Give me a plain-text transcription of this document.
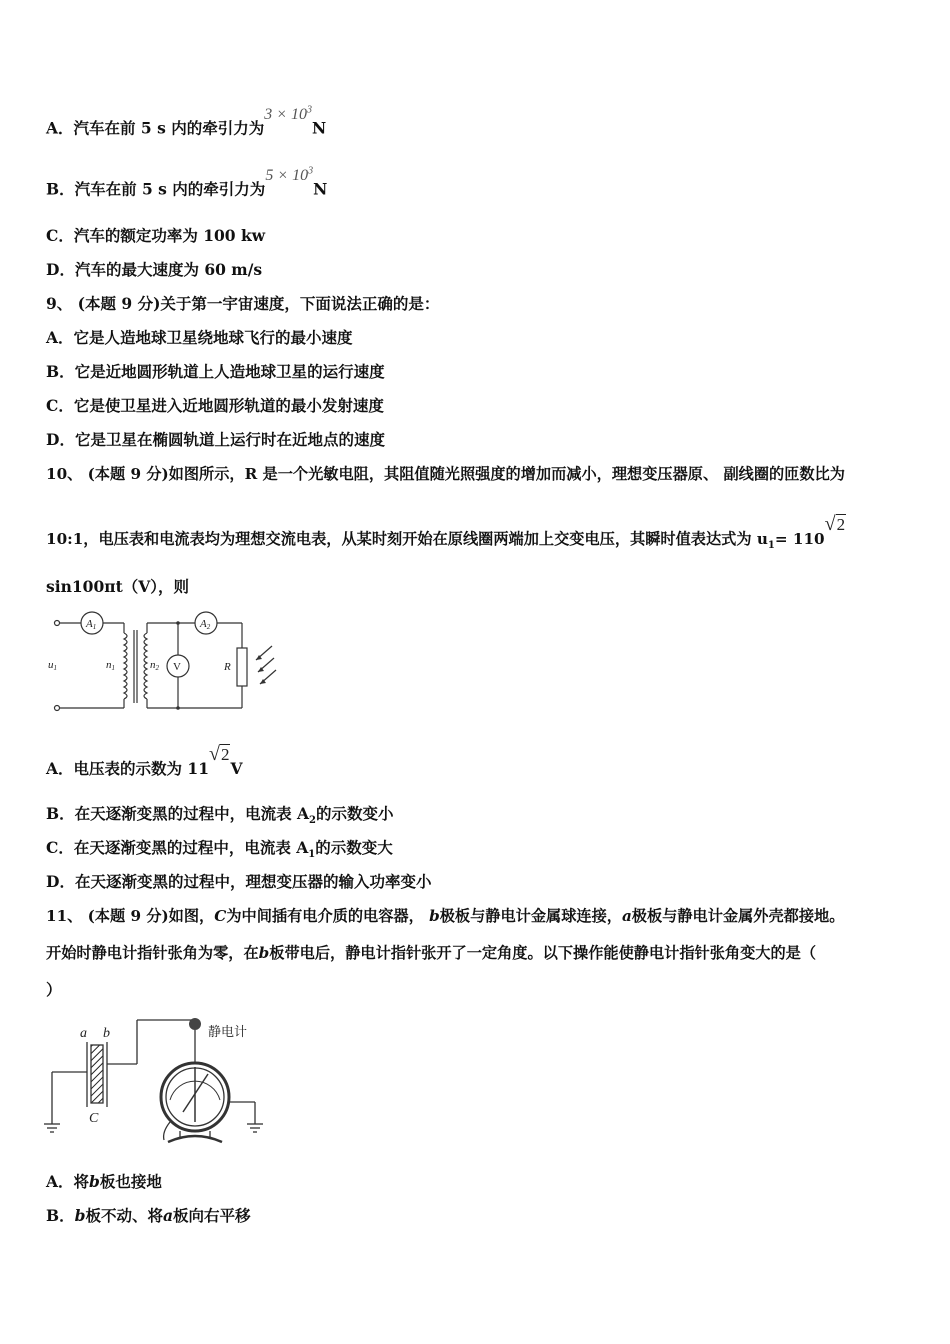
A．汽车在前 5 s 内的牵引力为$3 \times 10^3N$
B．汽车在前 5 s 内的牵引力为$5 \times 10^3N$
C．汽车的额定功率为 100 kw
D．汽车的最大速度为 60 m/s
9、 (本题 9 分)关于第一宇宙速度，下面说法正确的是：
A．它是人造地球卫星绕地球飞行的最小速度
B．它是近地圆形轨道上人造地球卫星的运行速度
C．它是使卫星进入近地圆形轨道的最小发射速度
D．它是卫星在椭圆轨道上运行时在近地点的速度
10、 (本题 9 分)如图所示，R 是一个光敏电阻，其阻值随光照强度的增加而减小，理想变压器原、 副线圈的匝数比为
10:1，电压表和电流表均为理想交流电表，从某时刻开始在原线圈两端加上交变电压，其瞬时值表达式为 $u_1= 110√2$
sin100πt（V），则
A1	A2
u1	n1	n2 V	R
A．电压表的示数为 11√2V
B．在天逐渐变黑的过程中，电流表 $A_2$的示数变小
C．在天逐渐变黑的过程中，电流表 $A_1$的示数变大
D．在天逐渐变黑的过程中，理想变压器的输入功率变小
11、 (本题 9 分)如图，C为中间插有电介质的电容器， b极板与静电计金属球连接，a极板与静电计金属外壳都接地。
开始时静电计指针张角为零，在b板带电后，静电计指针张开了一定角度。以下操作能使静电计指针张角变大的是（
）
a b
C
静电计
A．将b板也接地
B．b板不动、将a板向右平移
